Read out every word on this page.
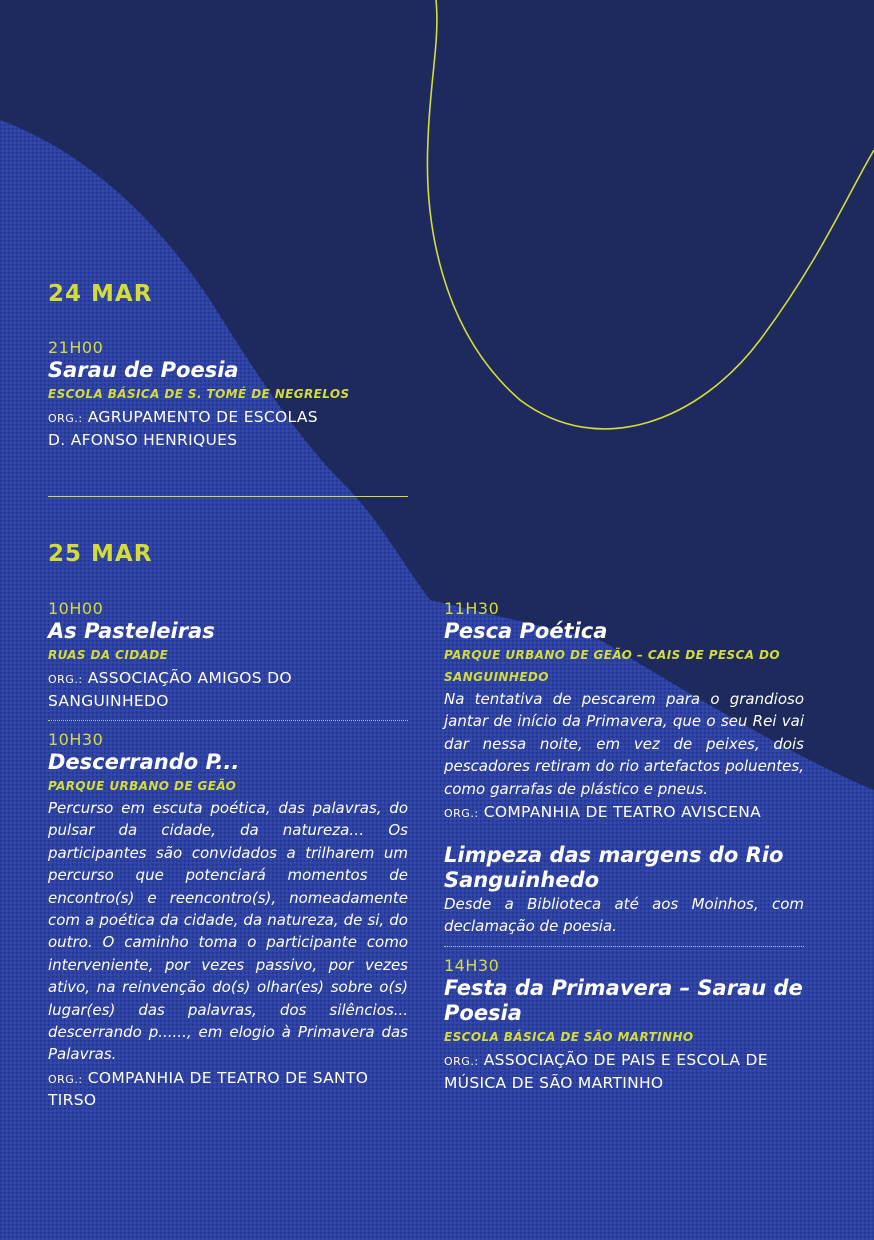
24 MAR
21H00
Sarau de Poesia
ESCOLA BÁSICA DE S. TOMÉ DE NEGRELOS
ORG.: AGRUPAMENTO DE ESCOLAS
D. AFONSO HENRIQUES
25 MAR
10H00
As Pasteleiras
RUAS DA CIDADE
ORG.: ASSOCIAÇÃO AMIGOS DO
SANGUINHEDO
10H30
Descerrando P...
PARQUE URBANO DE GEÃO
Percurso em escuta poética, das palavras, do pulsar da cidade, da natureza… Os participantes são convidados a trilharem um percurso que potenciará momentos de encontro(s) e reencontro(s), nomeadamente com a poética da cidade, da natureza, de si, do outro. O caminho toma o participante como interveniente, por vezes passivo, por vezes ativo, na reinvenção do(s) olhar(es) sobre o(s) lugar(es) das palavras, dos silêncios... descerrando p......, em elogio à Primavera das Palavras.
ORG.: COMPANHIA DE TEATRO DE SANTO
TIRSO
11H30
Pesca Poética
PARQUE URBANO DE GEÃO – CAIS DE PESCA DO SANGUINHEDO
Na tentativa de pescarem para o grandioso jantar de início da Primavera, que o seu Rei vai dar nessa noite, em vez de peixes, dois pescadores retiram do rio artefactos poluentes, como garrafas de plástico e pneus.
ORG.: COMPANHIA DE TEATRO AVISCENA
Limpeza das margens do Rio Sanguinhedo
Desde a Biblioteca até aos Moinhos, com declamação de poesia.
14H30
Festa da Primavera – Sarau de Poesia
ESCOLA BÁSICA DE SÃO MARTINHO
ORG.: ASSOCIAÇÃO DE PAIS E ESCOLA DE
MÚSICA DE SÃO MARTINHO
